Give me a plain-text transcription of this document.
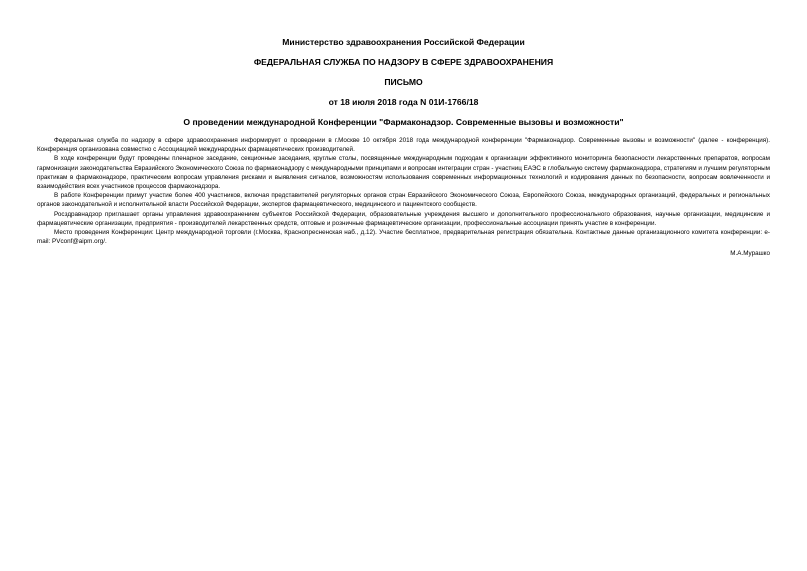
Министерство здравоохранения Российской Федерации
ФЕДЕРАЛЬНАЯ СЛУЖБА ПО НАДЗОРУ В СФЕРЕ ЗДРАВООХРАНЕНИЯ
ПИСЬМО
от 18 июля 2018 года N 01И-1766/18
О проведении международной Конференции "Фармаконадзор. Современные вызовы и возможности"

Федеральная служба по надзору в сфере здравоохранения информирует о проведении в г.Москве 10 октября 2018 года международной конференции "Фармаконадзор. Современные вызовы и возможности" (далее - конференция). Конференция организована совместно с Ассоциацией международных фармацевтических производителей.

В ходе конференции будут проведены пленарное заседание, секционные заседания, круглые столы, посвященные международным подходам к организации эффективного мониторинга безопасности лекарственных препаратов, вопросам гармонизации законодательства Евразийского Экономического Союза по фармаконадзору с международными принципами и вопросам интеграции стран - участниц ЕАЭС в глобальную систему фармаконадзора, стратегиям и лучшим регуляторным практикам в фармаконадзоре, практическим вопросам управления рисками и выявления сигналов, возможностям использования современных информационных технологий и кодирования данных по безопасности, вопросам вовлеченности и взаимодействия всех участников процессов фармаконадзора.

В работе Конференции примут участие более 400 участников, включая представителей регуляторных органов стран Евразийского Экономического Союза, Европейского Союза, международных организаций, федеральных и региональных органов законодательной и исполнительной власти Российской Федерации, экспертов фармацевтического, медицинского и пациентского сообществ.

Росздравнадзор приглашает органы управления здравоохранением субъектов Российской Федерации, образовательные учреждения высшего и дополнительного профессионального образования, научные организации, медицинские и фармацевтические организации, предприятия - производителей лекарственных средств, оптовые и розничные фармацевтические организации, профессиональные ассоциации принять участие в конференции.

Место проведения Конференции: Центр международной торговли (г.Москва, Краснопресненская наб., д.12). Участие бесплатное, предварительная регистрация обязательна. Контактные данные организационного комитета конференции: e-mail: PVconf@aipm.org/.

М.А.Мурашко
